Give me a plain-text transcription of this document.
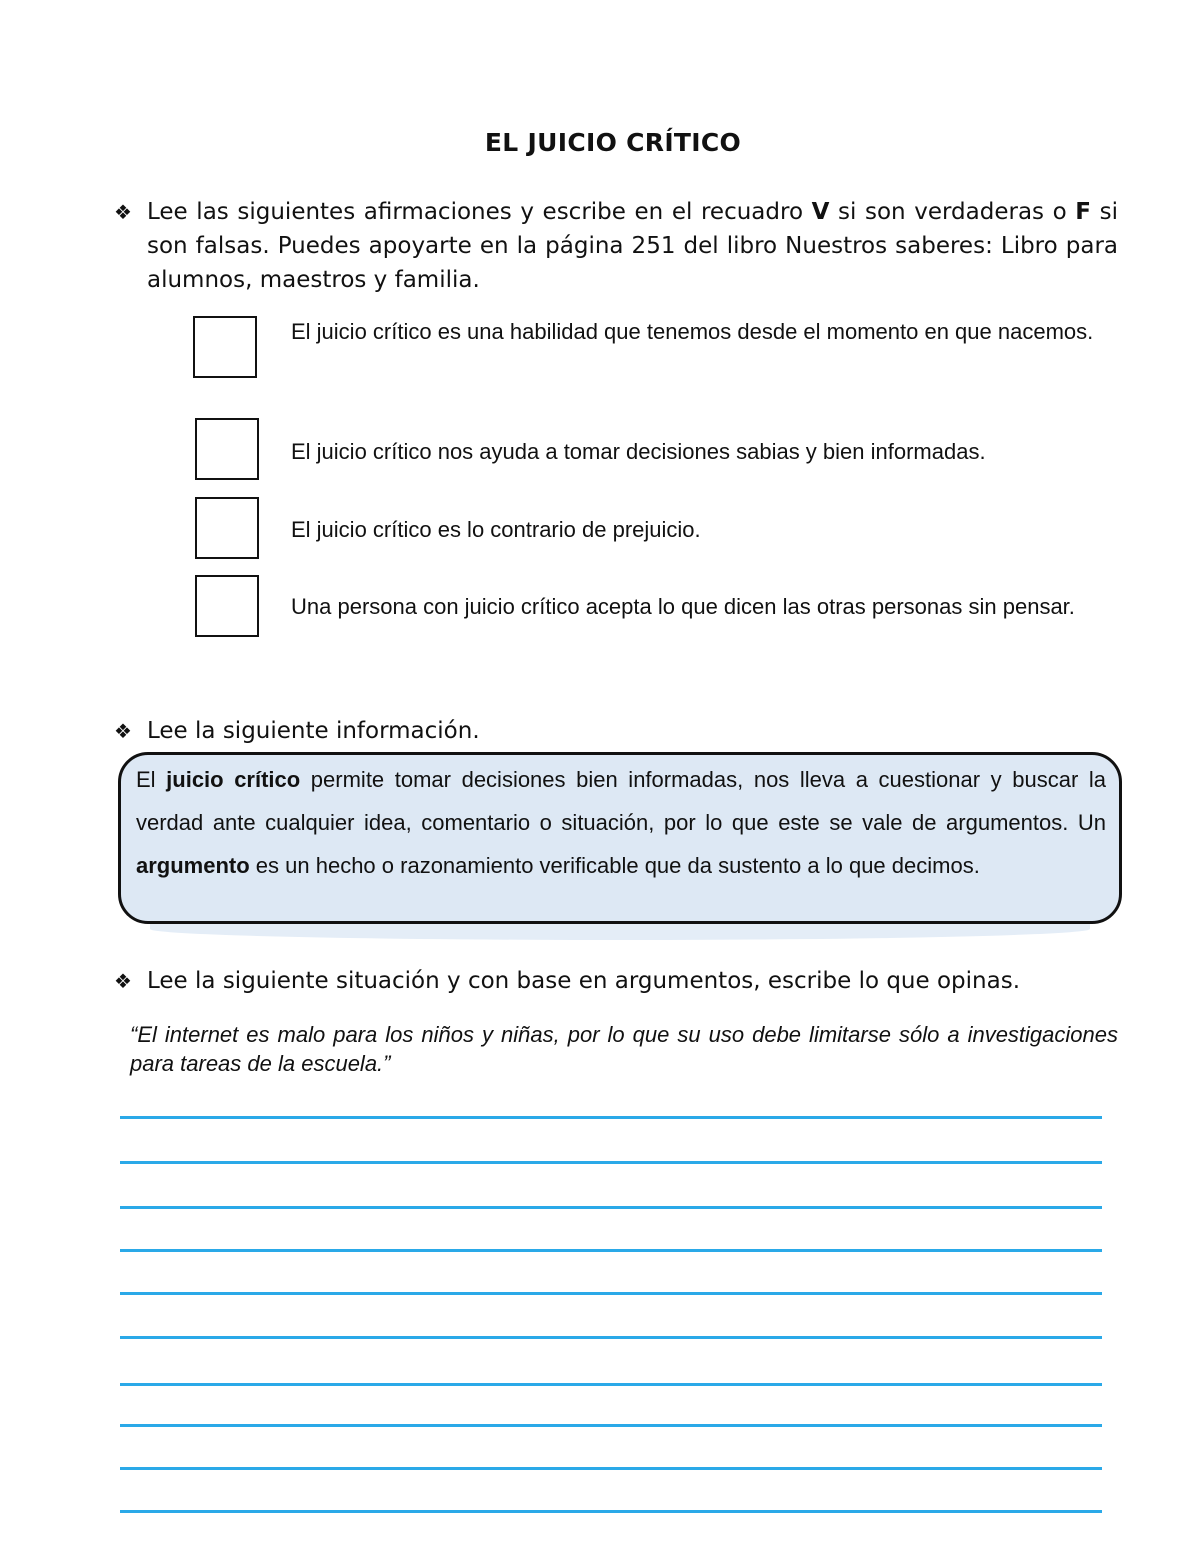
EL JUICIO CRÍTICO
❖ Lee las siguientes afirmaciones y escribe en el recuadro V si son verdaderas o F si son falsas. Puedes apoyarte en la página 251 del libro Nuestros saberes: Libro para alumnos, maestros y familia.
El juicio crítico es una habilidad que tenemos desde el momento en que nacemos.
El juicio crítico nos ayuda a tomar decisiones sabias y bien informadas.
El juicio crítico es lo contrario de prejuicio.
Una persona con juicio crítico acepta lo que dicen las otras personas sin pensar.
❖ Lee la siguiente información.
El juicio crítico permite tomar decisiones bien informadas, nos lleva a cuestionar y buscar la verdad ante cualquier idea, comentario o situación, por lo que este se vale de argumentos. Un argumento es un hecho o razonamiento verificable que da sustento a lo que decimos.
❖ Lee la siguiente situación y con base en argumentos, escribe lo que opinas.
“El internet es malo para los niños y niñas, por lo que su uso debe limitarse sólo a investigaciones para tareas de la escuela.”
